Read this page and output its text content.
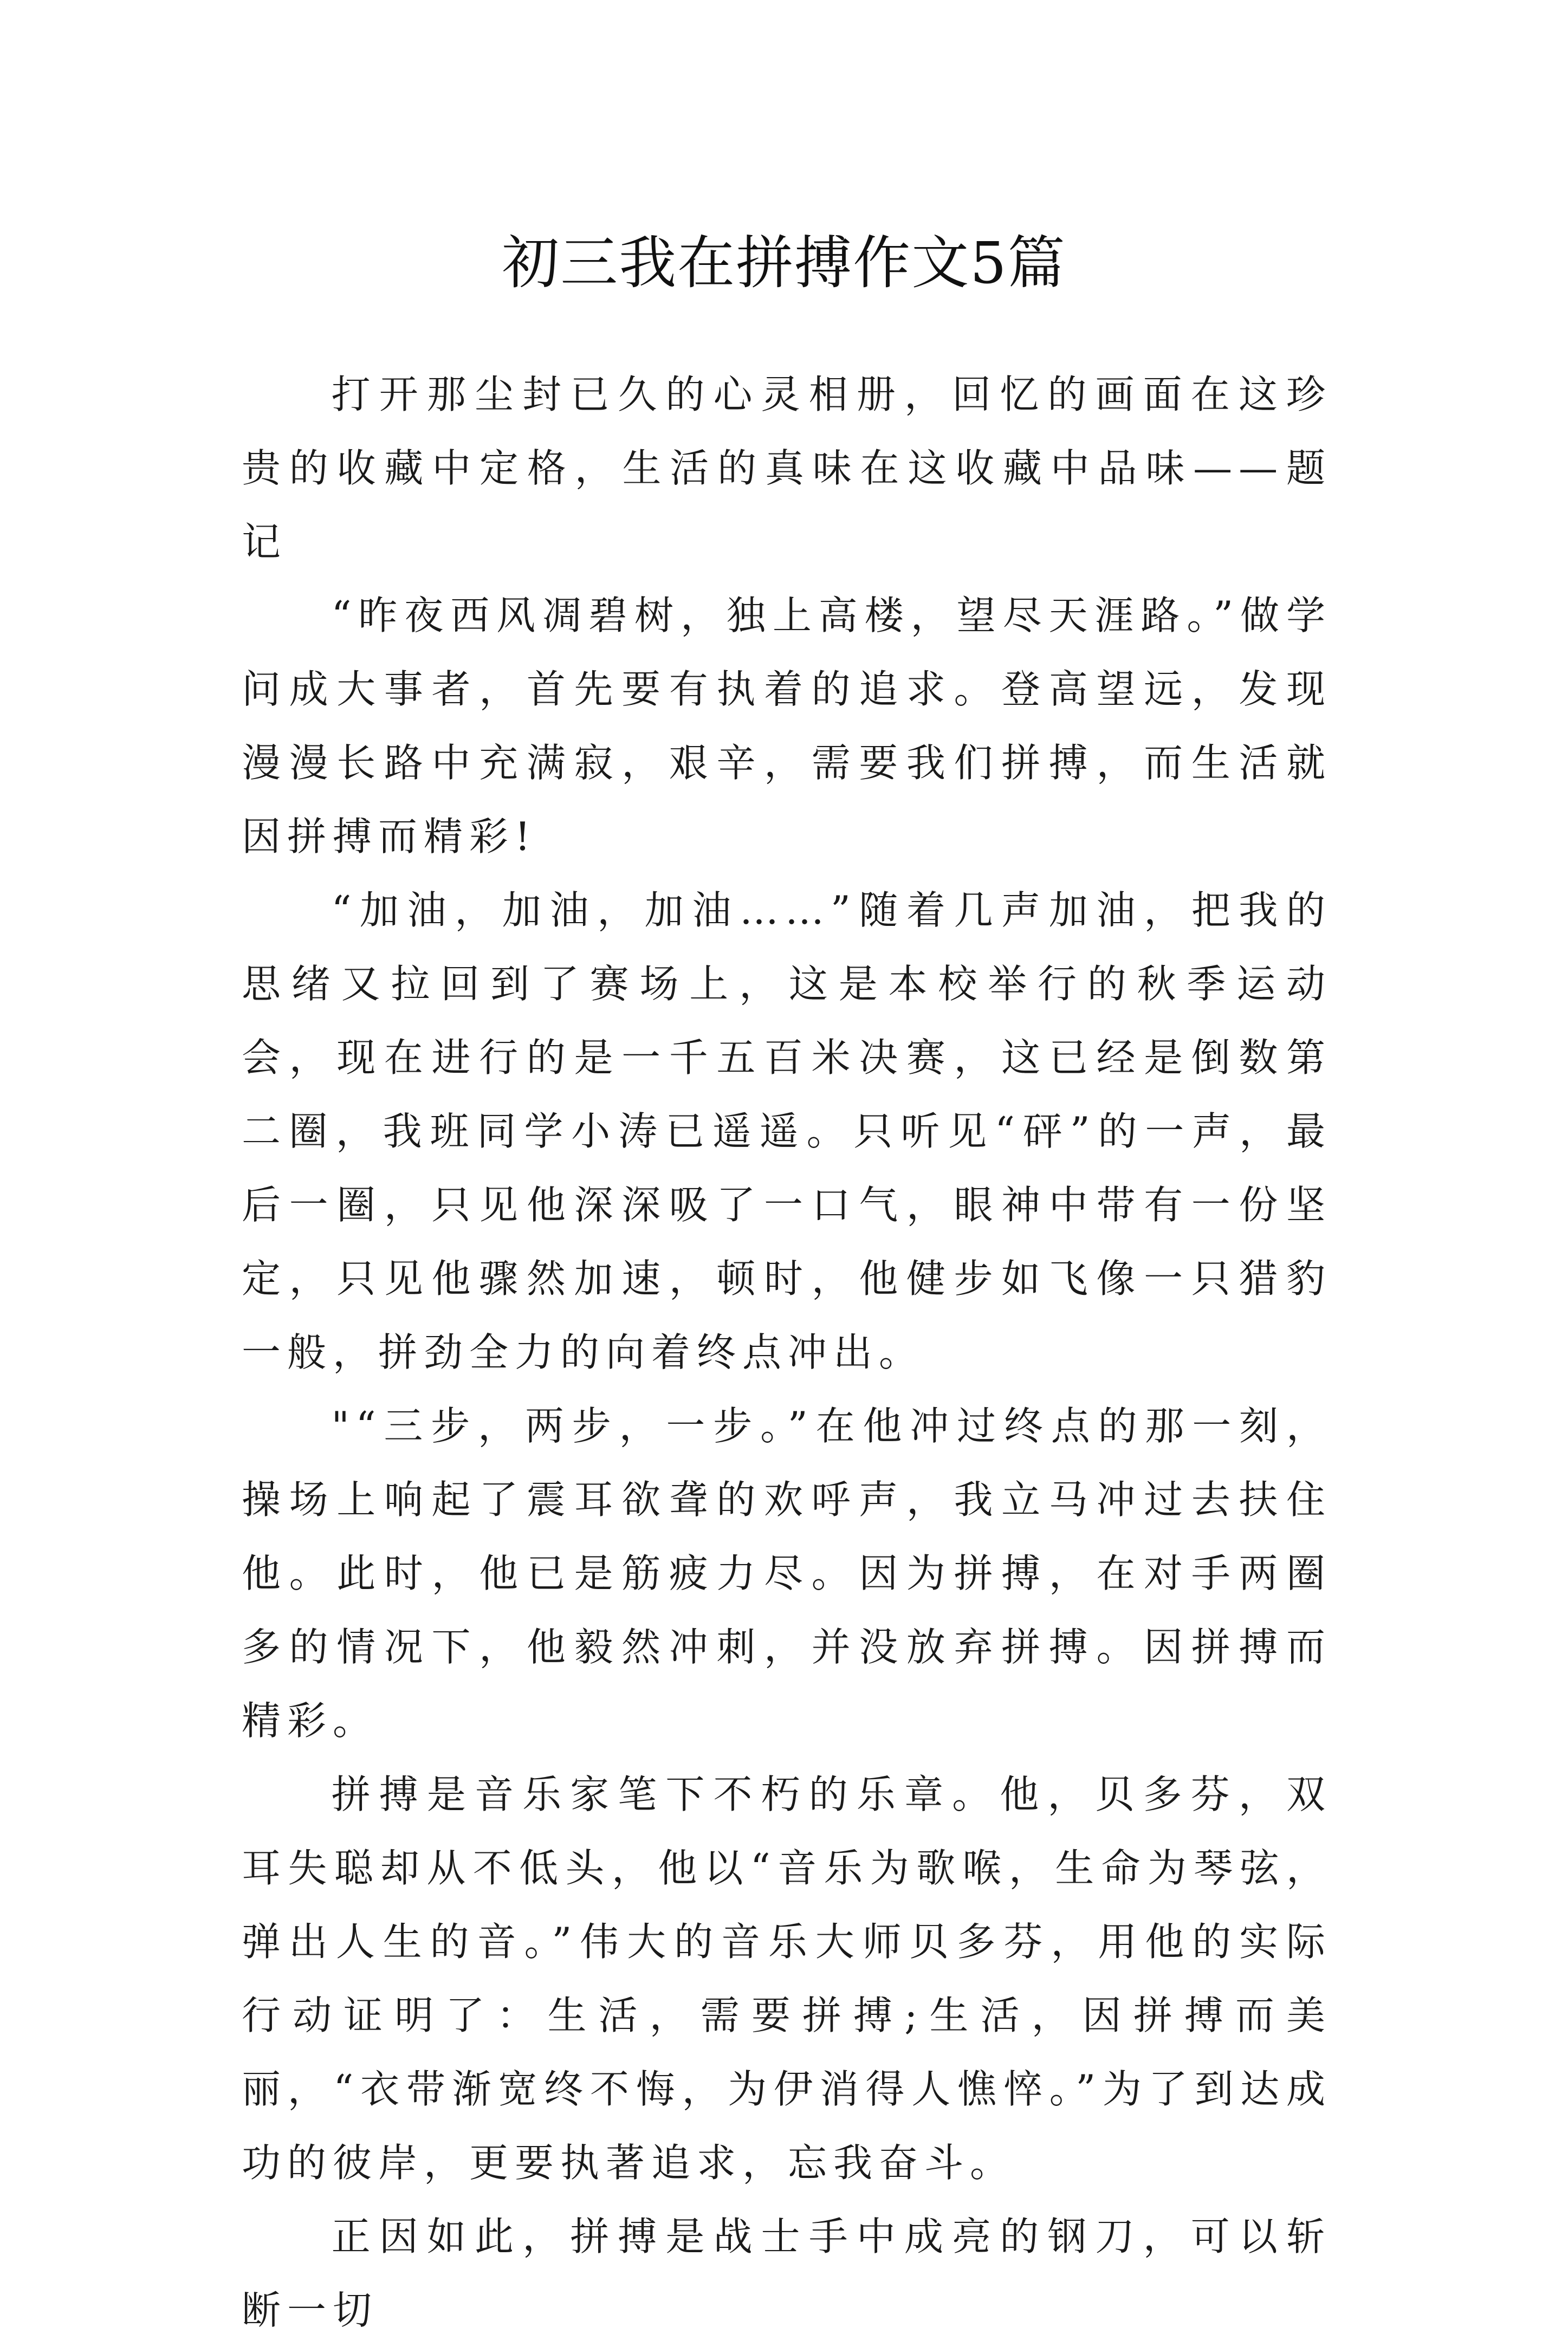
初三我在拼搏作文5篇

打开那尘封已久的心灵相册，回忆的画面在这珍贵的收藏中定格，生活的真味在这收藏中品味——题记

“昨夜西风凋碧树，独上高楼，望尽天涯路。”做学问成大事者，首先要有执着的追求。登高望远，发现漫漫长路中充满寂，艰辛，需要我们拼搏，而生活就因拼搏而精彩!

“加油，加油，加油……”随着几声加油，把我的思绪又拉回到了赛场上，这是本校举行的秋季运动会，现在进行的是一千五百米决赛，这已经是倒数第二圈，我班同学小涛已遥遥。只听见“砰”的一声，最后一圈，只见他深深吸了一口气，眼神中带有一份坚定，只见他骤然加速，顿时，他健步如飞像一只猎豹一般，拼劲全力的向着终点冲出。

"“三步，两步，一步。”在他冲过终点的那一刻，操场上响起了震耳欲聋的欢呼声，我立马冲过去扶住他。此时，他已是筋疲力尽。因为拼搏，在对手两圈多的情况下，他毅然冲刺，并没放弃拼搏。因拼搏而精彩。

拼搏是音乐家笔下不朽的乐章。他，贝多芬，双耳失聪却从不低头，他以“音乐为歌喉，生命为琴弦，弹出人生的音。”伟大的音乐大师贝多芬，用他的实际行动证明了：生活，需要拼搏;生活，因拼搏而美丽，“衣带渐宽终不悔，为伊消得人憔悴。”为了到达成功的彼岸，更要执著追求，忘我奋斗。

正因如此，拼搏是战士手中成亮的钢刀，可以斩断一切
